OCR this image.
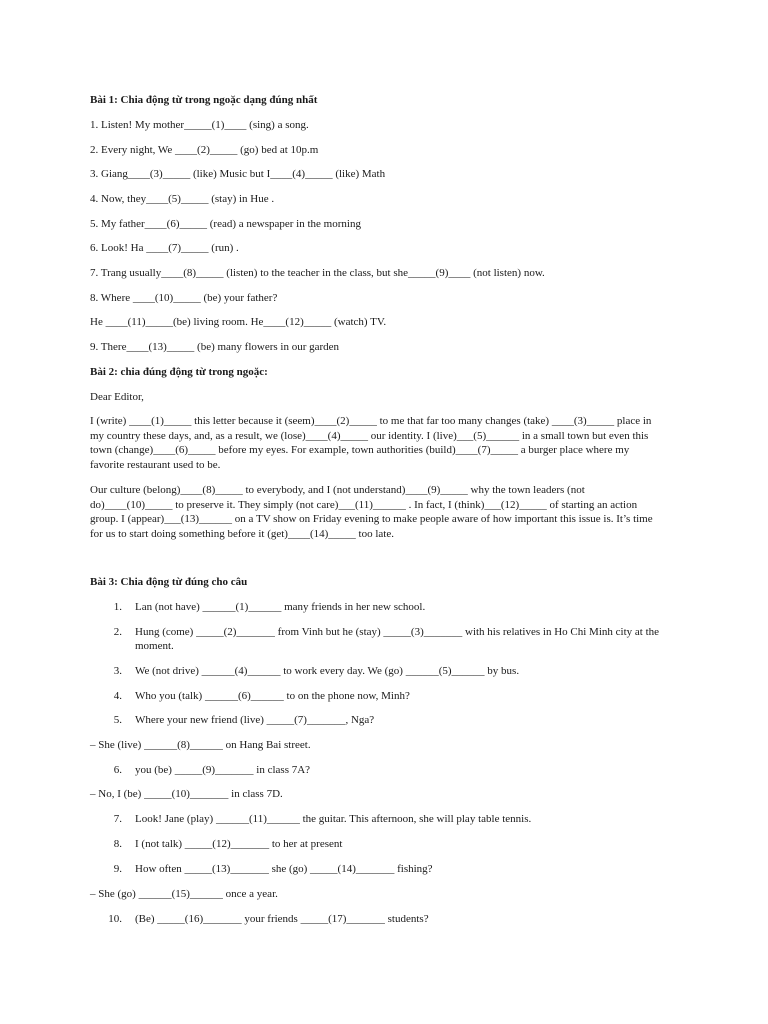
Bài 1: Chia động từ trong ngoặc dạng đúng nhất
1. Listen! My mother_____(1)____ (sing) a song.
2. Every night, We ____(2)_____ (go) bed at 10p.m
3. Giang____(3)_____ (like) Music but I____(4)_____ (like) Math
4. Now, they____(5)_____ (stay) in Hue .
5. My father____(6)_____ (read) a newspaper in the morning
6. Look! Ha ____(7)_____ (run) .
7. Trang usually____(8)_____ (listen) to the teacher in the class, but she_____(9)____ (not listen) now.
8. Where ____(10)_____ (be) your father?
He ____(11)_____(be) living room. He____(12)_____ (watch) TV.
9. There____(13)_____ (be) many flowers in our garden
Bài 2: chia đúng động từ trong ngoặc:
Dear Editor,
I (write) ____(1)_____ this letter because it (seem)____(2)_____ to me that far too many changes (take) ____(3)_____ place in
my country these days, and, as a result, we (lose)____(4)_____ our identity. I (live)___(5)______ in a small town but even this
town (change)____(6)_____ before my eyes. For example, town authorities (build)____(7)_____ a burger place where my
favorite restaurant used to be.
Our culture (belong)____(8)_____ to everybody, and I (not understand)____(9)_____ why the town leaders (not
do)____(10)_____ to preserve it. They simply (not care)___(11)______ . In fact, I (think)___(12)_____ of starting an action
group. I (appear)___(13)______ on a TV show on Friday evening to make people aware of how important this issue is. It’s time
for us to start doing something before it (get)____(14)_____ too late.
Bài 3: Chia động từ đúng cho câu
1. Lan (not have) ______(1)______ many friends in her new school.
2. Hung (come) _____(2)_______ from Vinh but he (stay) _____(3)_______ with his relatives in Ho Chi Minh city at the
moment.
3. We (not drive) ______(4)______ to work every day. We (go) ______(5)______ by bus.
4. Who you (talk) ______(6)______ to on the phone now, Minh?
5. Where your new friend (live) _____(7)_______, Nga?
– She (live) ______(8)______ on Hang Bai street.
6. you (be) _____(9)_______ in class 7A?
– No, I (be) _____(10)_______ in class 7D.
7. Look! Jane (play) ______(11)______ the guitar. This afternoon, she will play table tennis.
8. I (not talk) _____(12)_______ to her at present
9. How often _____(13)_______ she (go) _____(14)_______ fishing?
– She (go) ______(15)______ once a year.
10. (Be) _____(16)_______ your friends _____(17)_______ students?
